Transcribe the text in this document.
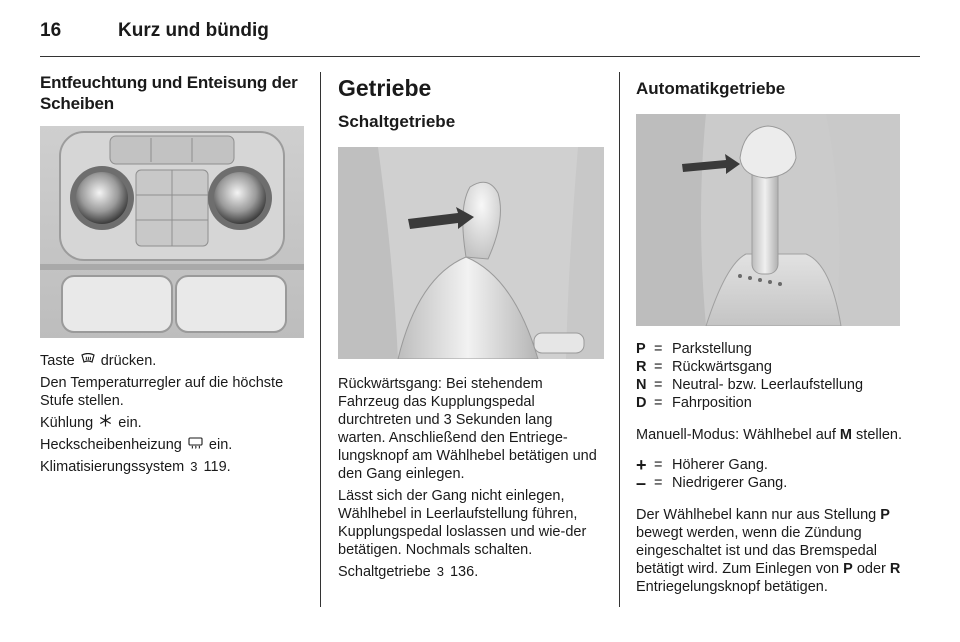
16	Kurz und bündig
Entfeuchtung und Enteisung der Scheiben

Taste  drücken.

Den Temperaturregler auf die höchste Stufe stellen.

Kühlung  ein.

Heckscheibenheizung  ein.

Klimatisierungssystem 3 119.

Getriebe
Schaltgetriebe

Rückwärtsgang: Bei stehendem Fahrzeug das Kupplungspedal durchtreten und 3 Sekunden lang warten. Anschließend den Entriege-lungsknopf am Wählhebel betätigen und den Gang einlegen.

Lässt sich der Gang nicht einlegen, Wählhebel in Leerlaufstellung führen, Kupplungspedal loslassen und wie-der betätigen. Nochmals schalten.

Schaltgetriebe 3 136.

Automatikgetriebe
P	=	Parkstellung
R	=	Rückwärtsgang
N	=	Neutral- bzw. Leerlaufstellung
D	=	Fahrposition

Manuell-Modus: Wählhebel auf M stellen.

+	=	Höherer Gang.
–	=	Niedrigerer Gang.

Der Wählhebel kann nur aus Stellung P bewegt werden, wenn die Zündung eingeschaltet ist und das Bremspedal betätigt wird. Zum Einlegen von P oder R Entriegelungsknopf betätigen.
